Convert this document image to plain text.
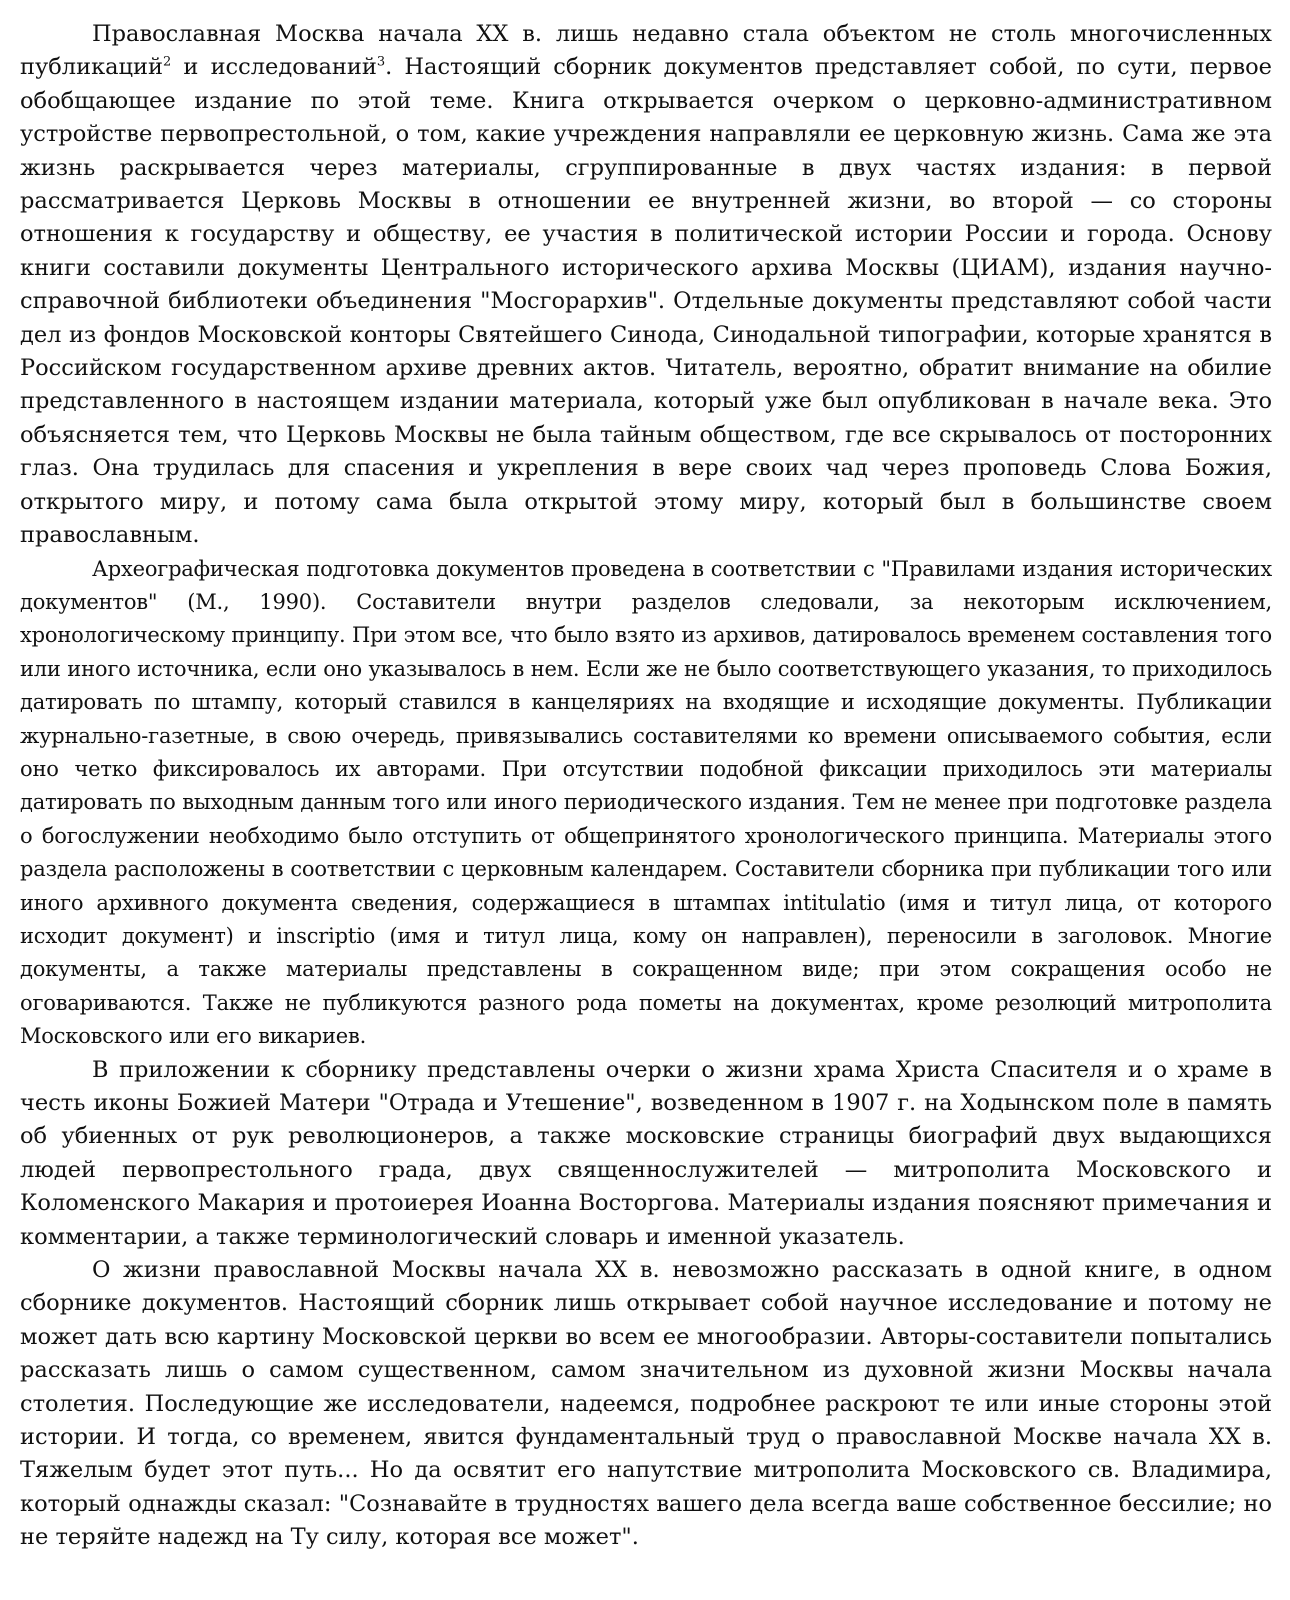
Православная Москва начала XX в. лишь недавно стала объектом не столь многочисленных публикаций$^2$ и исследований$^3$. Настоящий сборник документов представляет собой, по сути, первое обобщающее издание по этой теме. Книга открывается очерком о церковно-административном устройстве первопрестольной, о том, какие учреждения направляли ее церковную жизнь. Сама же эта жизнь раскрывается через материалы, сгруппированные в двух частях издания: в первой рассматривается Церковь Москвы в отношении ее внутренней жизни, во второй — со стороны отношения к государству и обществу, ее участия в политической истории России и города. Основу книги составили документы Центрального исторического архива Москвы (ЦИАМ), издания научно-справочной библиотеки объединения "Мосгорархив". Отдельные документы представляют собой части дел из фондов Московской конторы Святейшего Синода, Синодальной типографии, которые хранятся в Российском государственном архиве древних актов. Читатель, вероятно, обратит внимание на обилие представленного в настоящем издании материала, который уже был опубликован в начале века. Это объясняется тем, что Церковь Москвы не была тайным обществом, где все скрывалось от посторонних глаз. Она трудилась для спасения и укрепления в вере своих чад через проповедь Слова Божия, открытого миру, и потому сама была открытой этому миру, который был в большинстве своем православным.

Археографическая подготовка документов проведена в соответствии с "Правилами издания исторических документов" (М., 1990). Составители внутри разделов следовали, за некоторым исключением, хронологическому принципу. При этом все, что было взято из архивов, датировалось временем составления того или иного источника, если оно указывалось в нем. Если же не было соответствующего указания, то приходилось датировать по штампу, который ставился в канцеляриях на входящие и исходящие документы. Публикации журнально-газетные, в свою очередь, привязывались составителями ко времени описываемого события, если оно четко фиксировалось их авторами. При отсутствии подобной фиксации приходилось эти материалы датировать по выходным данным того или иного периодического издания. Тем не менее при подготовке раздела о богослужении необходимо было отступить от общепринятого хронологического принципа. Материалы этого раздела расположены в соответствии с церковным календарем. Составители сборника при публикации того или иного архивного документа сведения, содержащиеся в штампах intitulatio (имя и титул лица, от которого исходит документ) и inscriptio (имя и титул лица, кому он направлен), переносили в заголовок. Многие документы, а также материалы представлены в сокращенном виде; при этом сокращения особо не оговариваются. Также не публикуются разного рода пометы на документах, кроме резолюций митрополита Московского или его викариев.

В приложении к сборнику представлены очерки о жизни храма Христа Спасителя и о храме в честь иконы Божией Матери "Отрада и Утешение", возведенном в 1907 г. на Ходынском поле в память об убиенных от рук революционеров, а также московские страницы биографий двух выдающихся людей первопрестольного града, двух священнослужителей — митрополита Московского и Коломенского Макария и протоиерея Иоанна Восторгова. Материалы издания поясняют примечания и комментарии, а также терминологический словарь и именной указатель.

О жизни православной Москвы начала XX в. невозможно рассказать в одной книге, в одном сборнике документов. Настоящий сборник лишь открывает собой научное исследование и потому не может дать всю картину Московской церкви во всем ее многообразии. Авторы-составители попытались рассказать лишь о самом существенном, самом значительном из духовной жизни Москвы начала столетия. Последующие же исследователи, надеемся, подробнее раскроют те или иные стороны этой истории. И тогда, со временем, явится фундаментальный труд о православной Москве начала XX в. Тяжелым будет этот путь... Но да освятит его напутствие митрополита Московского св. Владимира, который однажды сказал: "Сознавайте в трудностях вашего дела всегда ваше собственное бессилие; но не теряйте надежд на Ту силу, которая все может".
